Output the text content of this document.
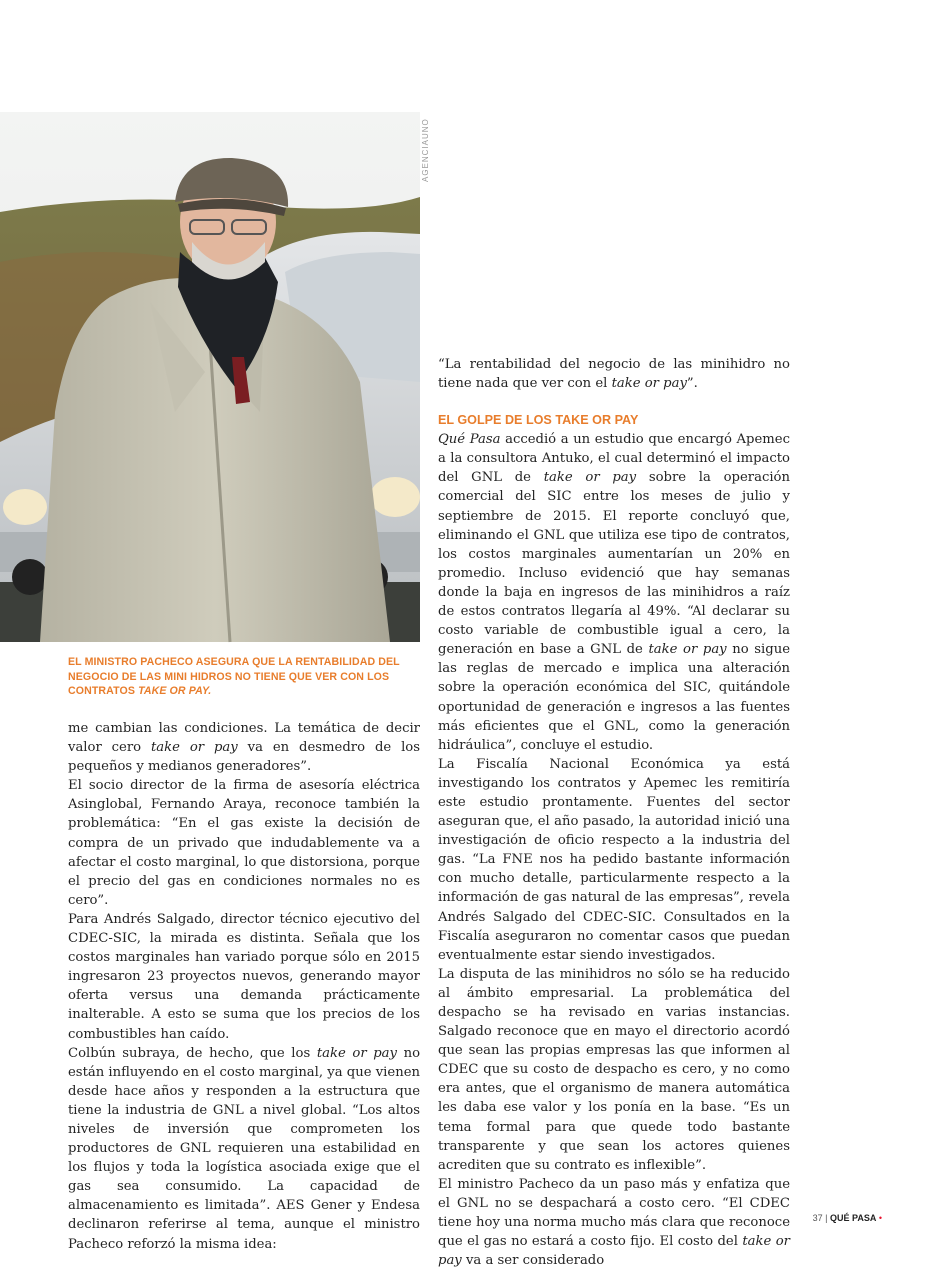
AGENCIAUNO
EL MINISTRO PACHECO ASEGURA QUE LA RENTABILIDAD DEL NEGOCIO DE LAS MINI HIDROS NO TIENE QUE VER CON LOS CONTRATOS TAKE OR PAY.

me cambian las condiciones. La temática de decir valor cero take or pay va en desmedro de los pequeños y medianos generadores”.

El socio director de la firma de asesoría eléctrica Asinglobal, Fernando Araya, reconoce también la problemática: “En el gas existe la decisión de compra de un privado que indudablemente va a afectar el costo marginal, lo que distorsiona, porque el precio del gas en condiciones normales no es cero”.

Para Andrés Salgado, director técnico ejecutivo del CDEC-SIC, la mirada es distinta. Señala que los costos marginales han variado porque sólo en 2015 ingresaron 23 proyectos nuevos, generando mayor oferta versus una demanda prácticamente inalterable. A esto se suma que los precios de los combustibles han caído.

Colbún subraya, de hecho, que los take or pay no están influyendo en el costo marginal, ya que vienen desde hace años y responden a la estructura que tiene la industria de GNL a nivel global. “Los altos niveles de inversión que comprometen los productores de GNL requieren una estabilidad en los flujos y toda la logística asociada exige que el gas sea consumido. La capacidad de almacenamiento es limitada”. AES Gener y Endesa declinaron referirse al tema, aunque el ministro Pacheco reforzó la misma idea:

“La rentabilidad del negocio de las minihidro no tiene nada que ver con el take or pay”.

EL GOLPE DE LOS TAKE OR PAY

Qué Pasa accedió a un estudio que encargó Apemec a la consultora Antuko, el cual determinó el impacto del GNL de take or pay sobre la operación comercial del SIC entre los meses de julio y septiembre de 2015. El reporte concluyó que, eliminando el GNL que utiliza ese tipo de contratos, los costos marginales aumentarían un 20% en promedio. Incluso evidenció que hay semanas donde la baja en ingresos de las minihidros a raíz de estos contratos llegaría al 49%. “Al declarar su costo variable de combustible igual a cero, la generación en base a GNL de take or pay no sigue las reglas de mercado e implica una alteración sobre la operación económica del SIC, quitándole oportunidad de generación e ingresos a las fuentes más eficientes que el GNL, como la generación hidráulica”, concluye el estudio.

La Fiscalía Nacional Económica ya está investigando los contratos y Apemec les remitiría este estudio prontamente. Fuentes del sector aseguran que, el año pasado, la autoridad inició una investigación de oficio respecto a la industria del gas. “La FNE nos ha pedido bastante información con mucho detalle, particularmente respecto a la información de gas natural de las empresas”, revela Andrés Salgado del CDEC-SIC. Consultados en la Fiscalía aseguraron no comentar casos que puedan eventualmente estar siendo investigados.

La disputa de las minihidros no sólo se ha reducido al ámbito empresarial. La problemática del despacho se ha revisado en varias instancias. Salgado reconoce que en mayo el directorio acordó que sean las propias empresas las que informen al CDEC que su costo de despacho es cero, y no como era antes, que el organismo de manera automática les daba ese valor y los ponía en la base. “Es un tema formal para que quede todo bastante transparente y que sean los actores quienes acrediten que su contrato es inflexible”.

El ministro Pacheco da un paso más y enfatiza que el GNL no se despachará a costo cero. “El CDEC tiene hoy una norma mucho más clara que reconoce que el gas no estará a costo fijo. El costo del take or pay va a ser considerado

37 | QUÉ PASA •
